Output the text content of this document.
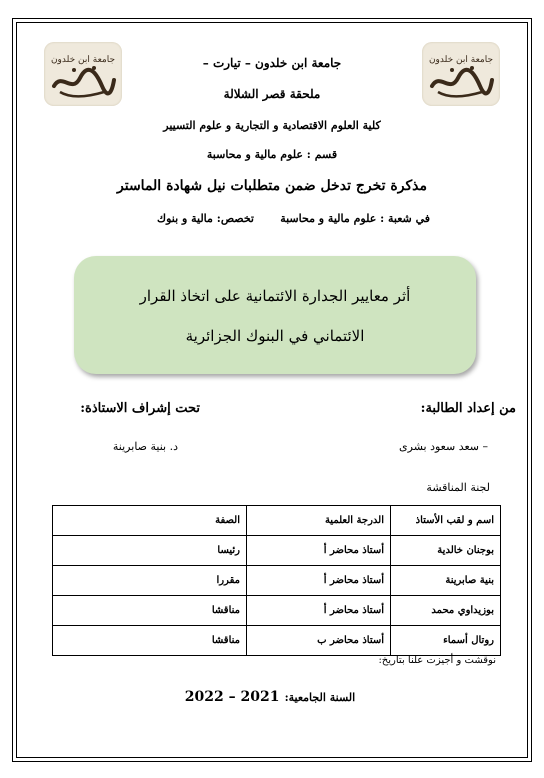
جامعة ابن خلدون
جامعة ابن خلدون	جامعة ابن خلدون – تيارت –
ملحقة قصر الشلالة
كلية العلوم الاقتصادية و التجارية و علوم التسيير
قسم : علوم مالية و محاسبة
مذكرة تخرج تدخل ضمن متطلبات نيل شهادة الماستر
في شعبة : علوم مالية و محاسبة
تخصص: مالية و بنوك
أثر معايير الجدارة الائتمانية على اتخاذ القرار
الائتماني في البنوك الجزائرية
من إعداد الطالبة:
تحت إشراف الاستاذة:
– سعد سعود بشرى
د. بنية صابرينة
لجنة المناقشة
اسم و لقب الأستاذ	الدرجة العلمية	الصفة
بوجنان خالدية	أستاذ محاضر أ	رئيسا
بنية صابرينة	أستاذ محاضر أ	مقررا
بوزيداوي محمد	أستاذ محاضر أ	مناقشا
روتال أسماء	أستاذ محاضر ب	مناقشا
نوقشت و أجيزت علنا بتاريخ:
السنة الجامعية: 2021 – 2022
